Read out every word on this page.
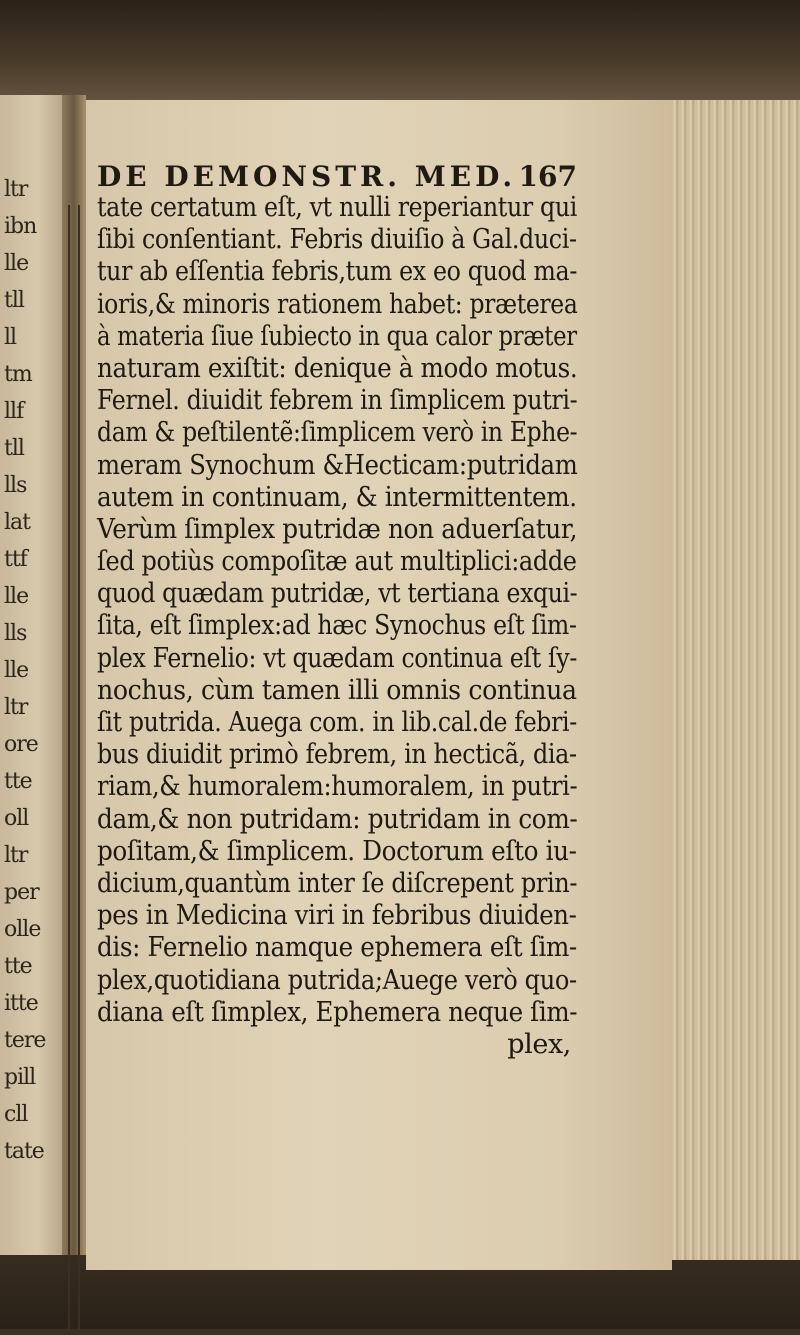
ltr
ibn
lle
tll
ll
tm
llf
tll
lls
lat
ttf
lle
lls
lle
ltr
ore
tte
oll
ltr
per
olle
tte
itte
tere
pill
cll
tate
DE DEMONSTR. MED. 167
tate certatum eſt, vt nulli reperiantur qui
ſibi conſentiant. Febris diuiſio à Gal.duci-
tur ab eſſentia febris,tum ex eo quod ma-
ioris,& minoris rationem habet: prӕterea
à materia ſiue ſubiecto in qua calor prӕter
naturam exiſtit: denique à modo motus.
Fernel. diuidit febrem in ſimplicem putri-
dam & peſtilentẽ:ſimplicem verò in Ephe-
meram Synochum &Hecticam:putridam
autem in continuam, & intermittentem.
Verùm ſimplex putridӕ non aduerſatur,
ſed potiùs compoſitӕ aut multiplici:adde
quod quӕdam putridӕ, vt tertiana exqui-
ſita, eſt ſimplex:ad hӕc Synochus eſt ſim-
plex Fernelio: vt quӕdam continua eſt ſy-
nochus, cùm tamen illi omnis continua
ſit putrida. Auega com. in lib.cal.de febri-
bus diuidit primò febrem, in hecticã, dia-
riam,& humoralem:humoralem, in putri-
dam,& non putridam: putridam in com-
poſitam,& ſimplicem. Doctorum eſto iu-
dicium,quantùm inter ſe diſcrepent prin-
pes in Medicina viri in febribus diuiden-
dis: Fernelio namque ephemera eſt ſim-
plex,quotidiana putrida;Auege verò quo-
diana eſt ſimplex, Ephemera neque ſim-
plex,
